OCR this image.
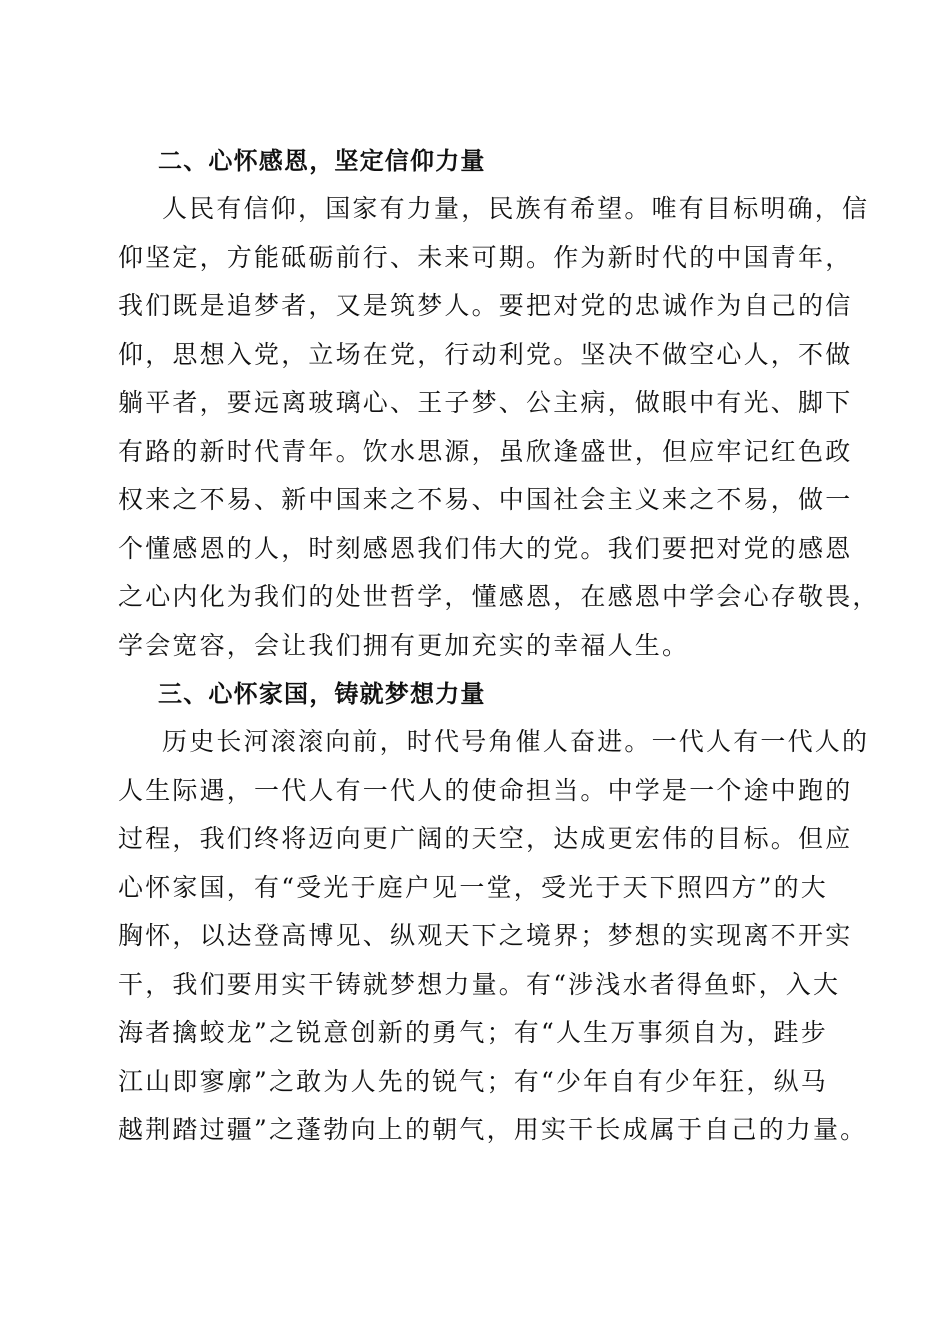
二、心怀感恩，坚定信仰力量
人民有信仰，国家有力量，民族有希望。唯有目标明确，信
仰坚定，方能砥砺前行、未来可期。作为新时代的中国青年，
我们既是追梦者，又是筑梦人。要把对党的忠诚作为自己的信
仰，思想入党，立场在党，行动利党。坚决不做空心人，不做
躺平者，要远离玻璃心、王子梦、公主病，做眼中有光、脚下
有路的新时代青年。饮水思源，虽欣逢盛世，但应牢记红色政
权来之不易、新中国来之不易、中国社会主义来之不易，做一
个懂感恩的人，时刻感恩我们伟大的党。我们要把对党的感恩
之心内化为我们的处世哲学，懂感恩，在感恩中学会心存敬畏，
学会宽容，会让我们拥有更加充实的幸福人生。
三、心怀家国，铸就梦想力量
历史长河滚滚向前，时代号角催人奋进。一代人有一代人的
人生际遇，一代人有一代人的使命担当。中学是一个途中跑的
过程，我们终将迈向更广阔的天空，达成更宏伟的目标。但应
心怀家国，有“受光于庭户见一堂，受光于天下照四方”的大
胸怀，以达登高博见、纵观天下之境界；梦想的实现离不开实
干，我们要用实干铸就梦想力量。有“涉浅水者得鱼虾，入大
海者擒蛟龙”之锐意创新的勇气；有“人生万事须自为，跬步
江山即寥廓”之敢为人先的锐气；有“少年自有少年狂，纵马
越荆踏过疆”之蓬勃向上的朝气，用实干长成属于自己的力量。
